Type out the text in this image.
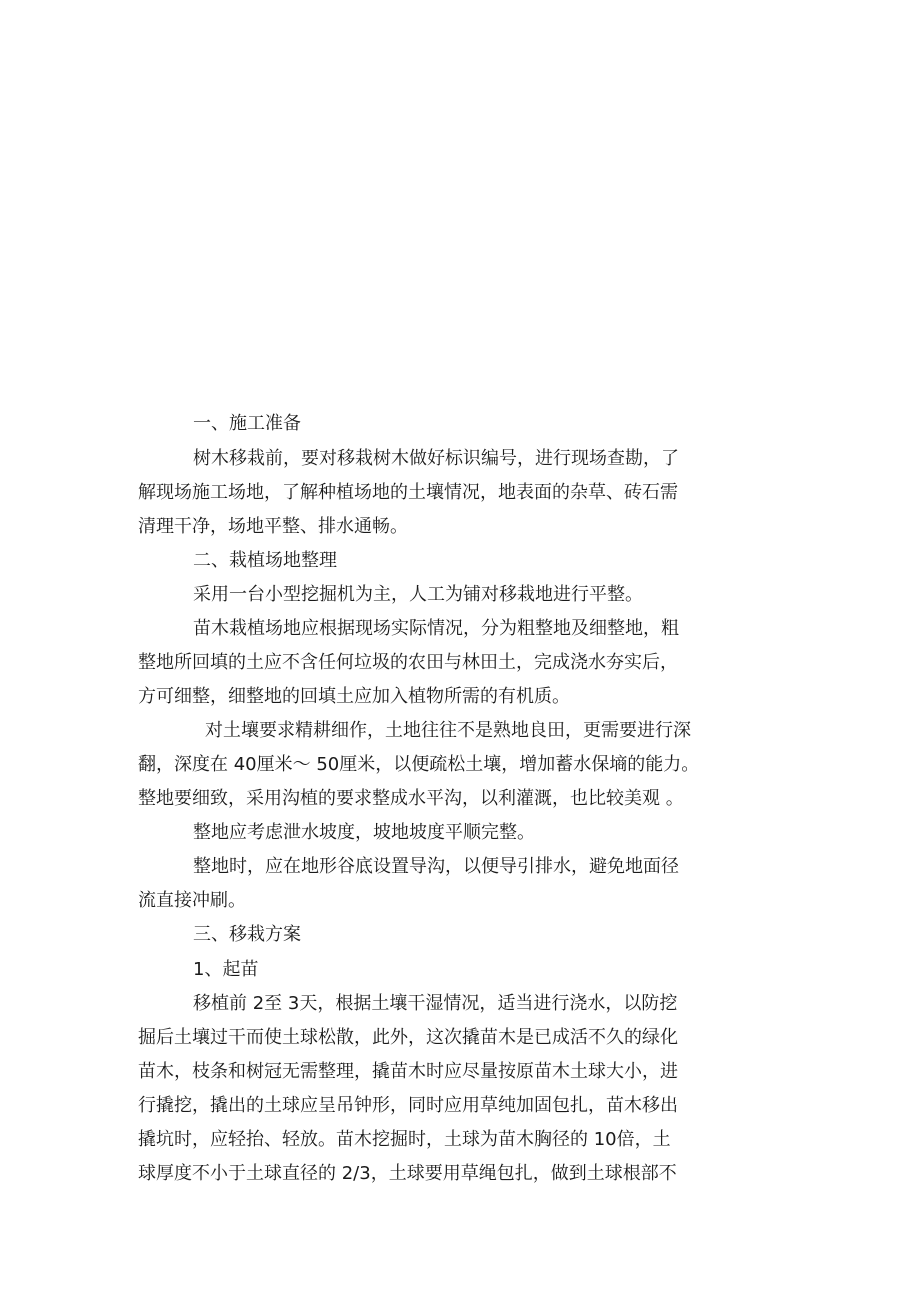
一、施工准备

树木移栽前，要对移栽树木做好标识编号，进行现场查勘，了

解现场施工场地，了解种植场地的土壤情况，地表面的杂草、砖石需

清理干净，场地平整、排水通畅。

二、栽植场地整理

采用一台小型挖掘机为主，人工为铺对移栽地进行平整。

苗木栽植场地应根据现场实际情况，分为粗整地及细整地，粗

整地所回填的土应不含任何垃圾的农田与林田土，完成浇水夯实后，

方可细整，细整地的回填土应加入植物所需的有机质。

对土壤要求精耕细作，土地往往不是熟地良田，更需要进行深

翻，深度在 40厘米～ 50厘米，以便疏松土壤，增加蓄水保墒的能力。

整地要细致，采用沟植的要求整成水平沟，以利灌溉，也比较美观 。

整地应考虑泄水坡度，坡地坡度平顺完整。

整地时，应在地形谷底设置导沟，以便导引排水，避免地面径

流直接冲刷。

三、移栽方案

1、起苗

移植前 2至 3天，根据土壤干湿情况，适当进行浇水，以防挖

掘后土壤过干而使土球松散，此外，这次撬苗木是已成活不久的绿化

苗木，枝条和树冠无需整理，撬苗木时应尽量按原苗木土球大小，进

行撬挖，撬出的土球应呈吊钟形，同时应用草纯加固包扎，苗木移出

撬坑时，应轻抬、轻放。苗木挖掘时，土球为苗木胸径的 10倍，土

球厚度不小于土球直径的 2/3，土球要用草绳包扎，做到土球根部不
